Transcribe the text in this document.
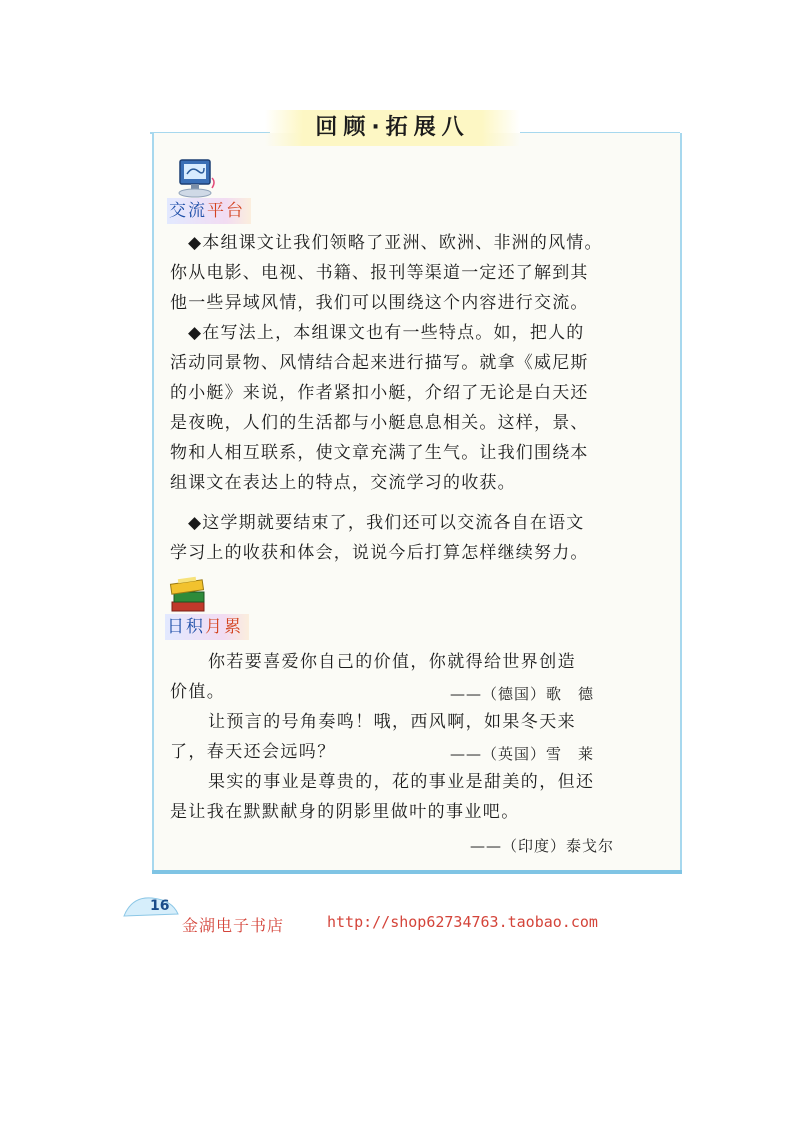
回顾·拓展八
交流平台
◆本组课文让我们领略了亚洲、欧洲、非洲的风情。
你从电影、电视、书籍、报刊等渠道一定还了解到其
他一些异域风情，我们可以围绕这个内容进行交流。
◆在写法上，本组课文也有一些特点。如，把人的
活动同景物、风情结合起来进行描写。就拿《威尼斯
的小艇》来说，作者紧扣小艇，介绍了无论是白天还
是夜晚，人们的生活都与小艇息息相关。这样，景、
物和人相互联系，使文章充满了生气。让我们围绕本
组课文在表达上的特点，交流学习的收获。
◆这学期就要结束了，我们还可以交流各自在语文
学习上的收获和体会，说说今后打算怎样继续努力。
日积月累
你若要喜爱你自己的价值，你就得给世界创造
价值。	——（德国）歌　德
让预言的号角奏鸣！哦，西风啊，如果冬天来
了，春天还会远吗？	——（英国）雪　莱
果实的事业是尊贵的，花的事业是甜美的，但还
是让我在默默献身的阴影里做叶的事业吧。
——（印度）泰戈尔
16
金湖电子书店	http://shop62734763.taobao.com
